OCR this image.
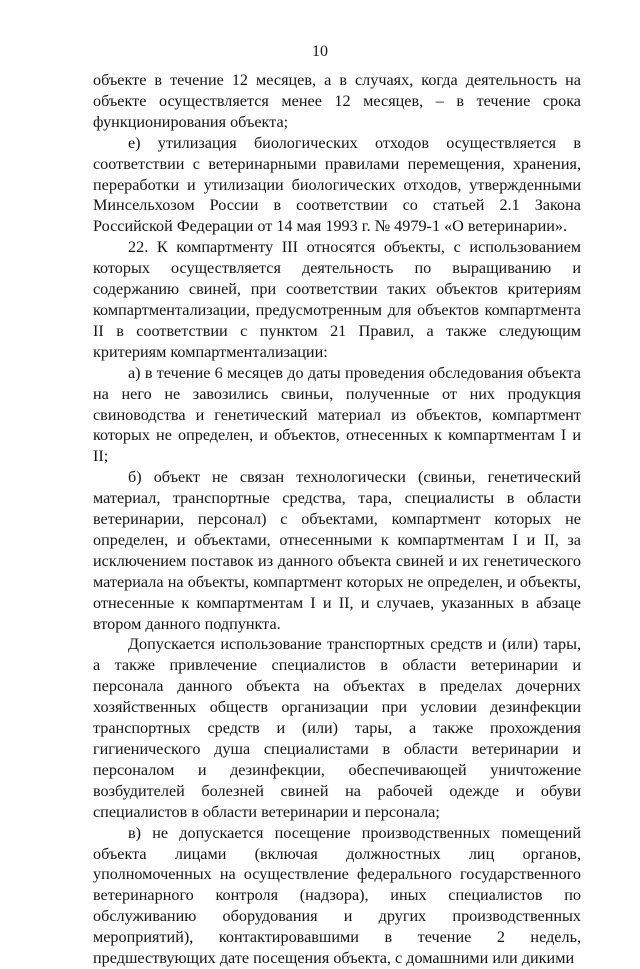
10

объекте в течение 12 месяцев, а в случаях, когда деятельность на объекте осуществляется менее 12 месяцев, – в течение срока функционирования объекта;

е) утилизация биологических отходов осуществляется в соответствии с ветеринарными правилами перемещения, хранения, переработки и утилизации биологических отходов, утвержденными Минсельхозом России в соответствии со статьей 2.1 Закона Российской Федерации от 14 мая 1993 г. № 4979-1 «О ветеринарии».

22. К компартменту III относятся объекты, с использованием которых осуществляется деятельность по выращиванию и содержанию свиней, при соответствии таких объектов критериям компартментализации, предусмотренным для объектов компартмента II в соответствии с пунктом 21 Правил, а также следующим критериям компартментализации:

а) в течение 6 месяцев до даты проведения обследования объекта на него не завозились свиньи, полученные от них продукция свиноводства и генетический материал из объектов, компартмент которых не определен, и объектов, отнесенных к компартментам I и II;

б) объект не связан технологически (свиньи, генетический материал, транспортные средства, тара, специалисты в области ветеринарии, персонал) с объектами, компартмент которых не определен, и объектами, отнесенными к компартментам I и II, за исключением поставок из данного объекта свиней и их генетического материала на объекты, компартмент которых не определен, и объекты, отнесенные к компартментам I и II, и случаев, указанных в абзаце втором данного подпункта.

Допускается использование транспортных средств и (или) тары, а также привлечение специалистов в области ветеринарии и персонала данного объекта на объектах в пределах дочерних хозяйственных обществ организации при условии дезинфекции транспортных средств и (или) тары, а также прохождения гигиенического душа специалистами в области ветеринарии и персоналом и дезинфекции, обеспечивающей уничтожение возбудителей болезней свиней на рабочей одежде и обуви специалистов в области ветеринарии и персонала;

в) не допускается посещение производственных помещений объекта лицами (включая должностных лиц органов, уполномоченных на осуществление федерального государственного ветеринарного контроля (надзора), иных специалистов по обслуживанию оборудования и других производственных мероприятий), контактировавшими в течение 2 недель, предшествующих дате посещения объекта, с домашними или дикими
